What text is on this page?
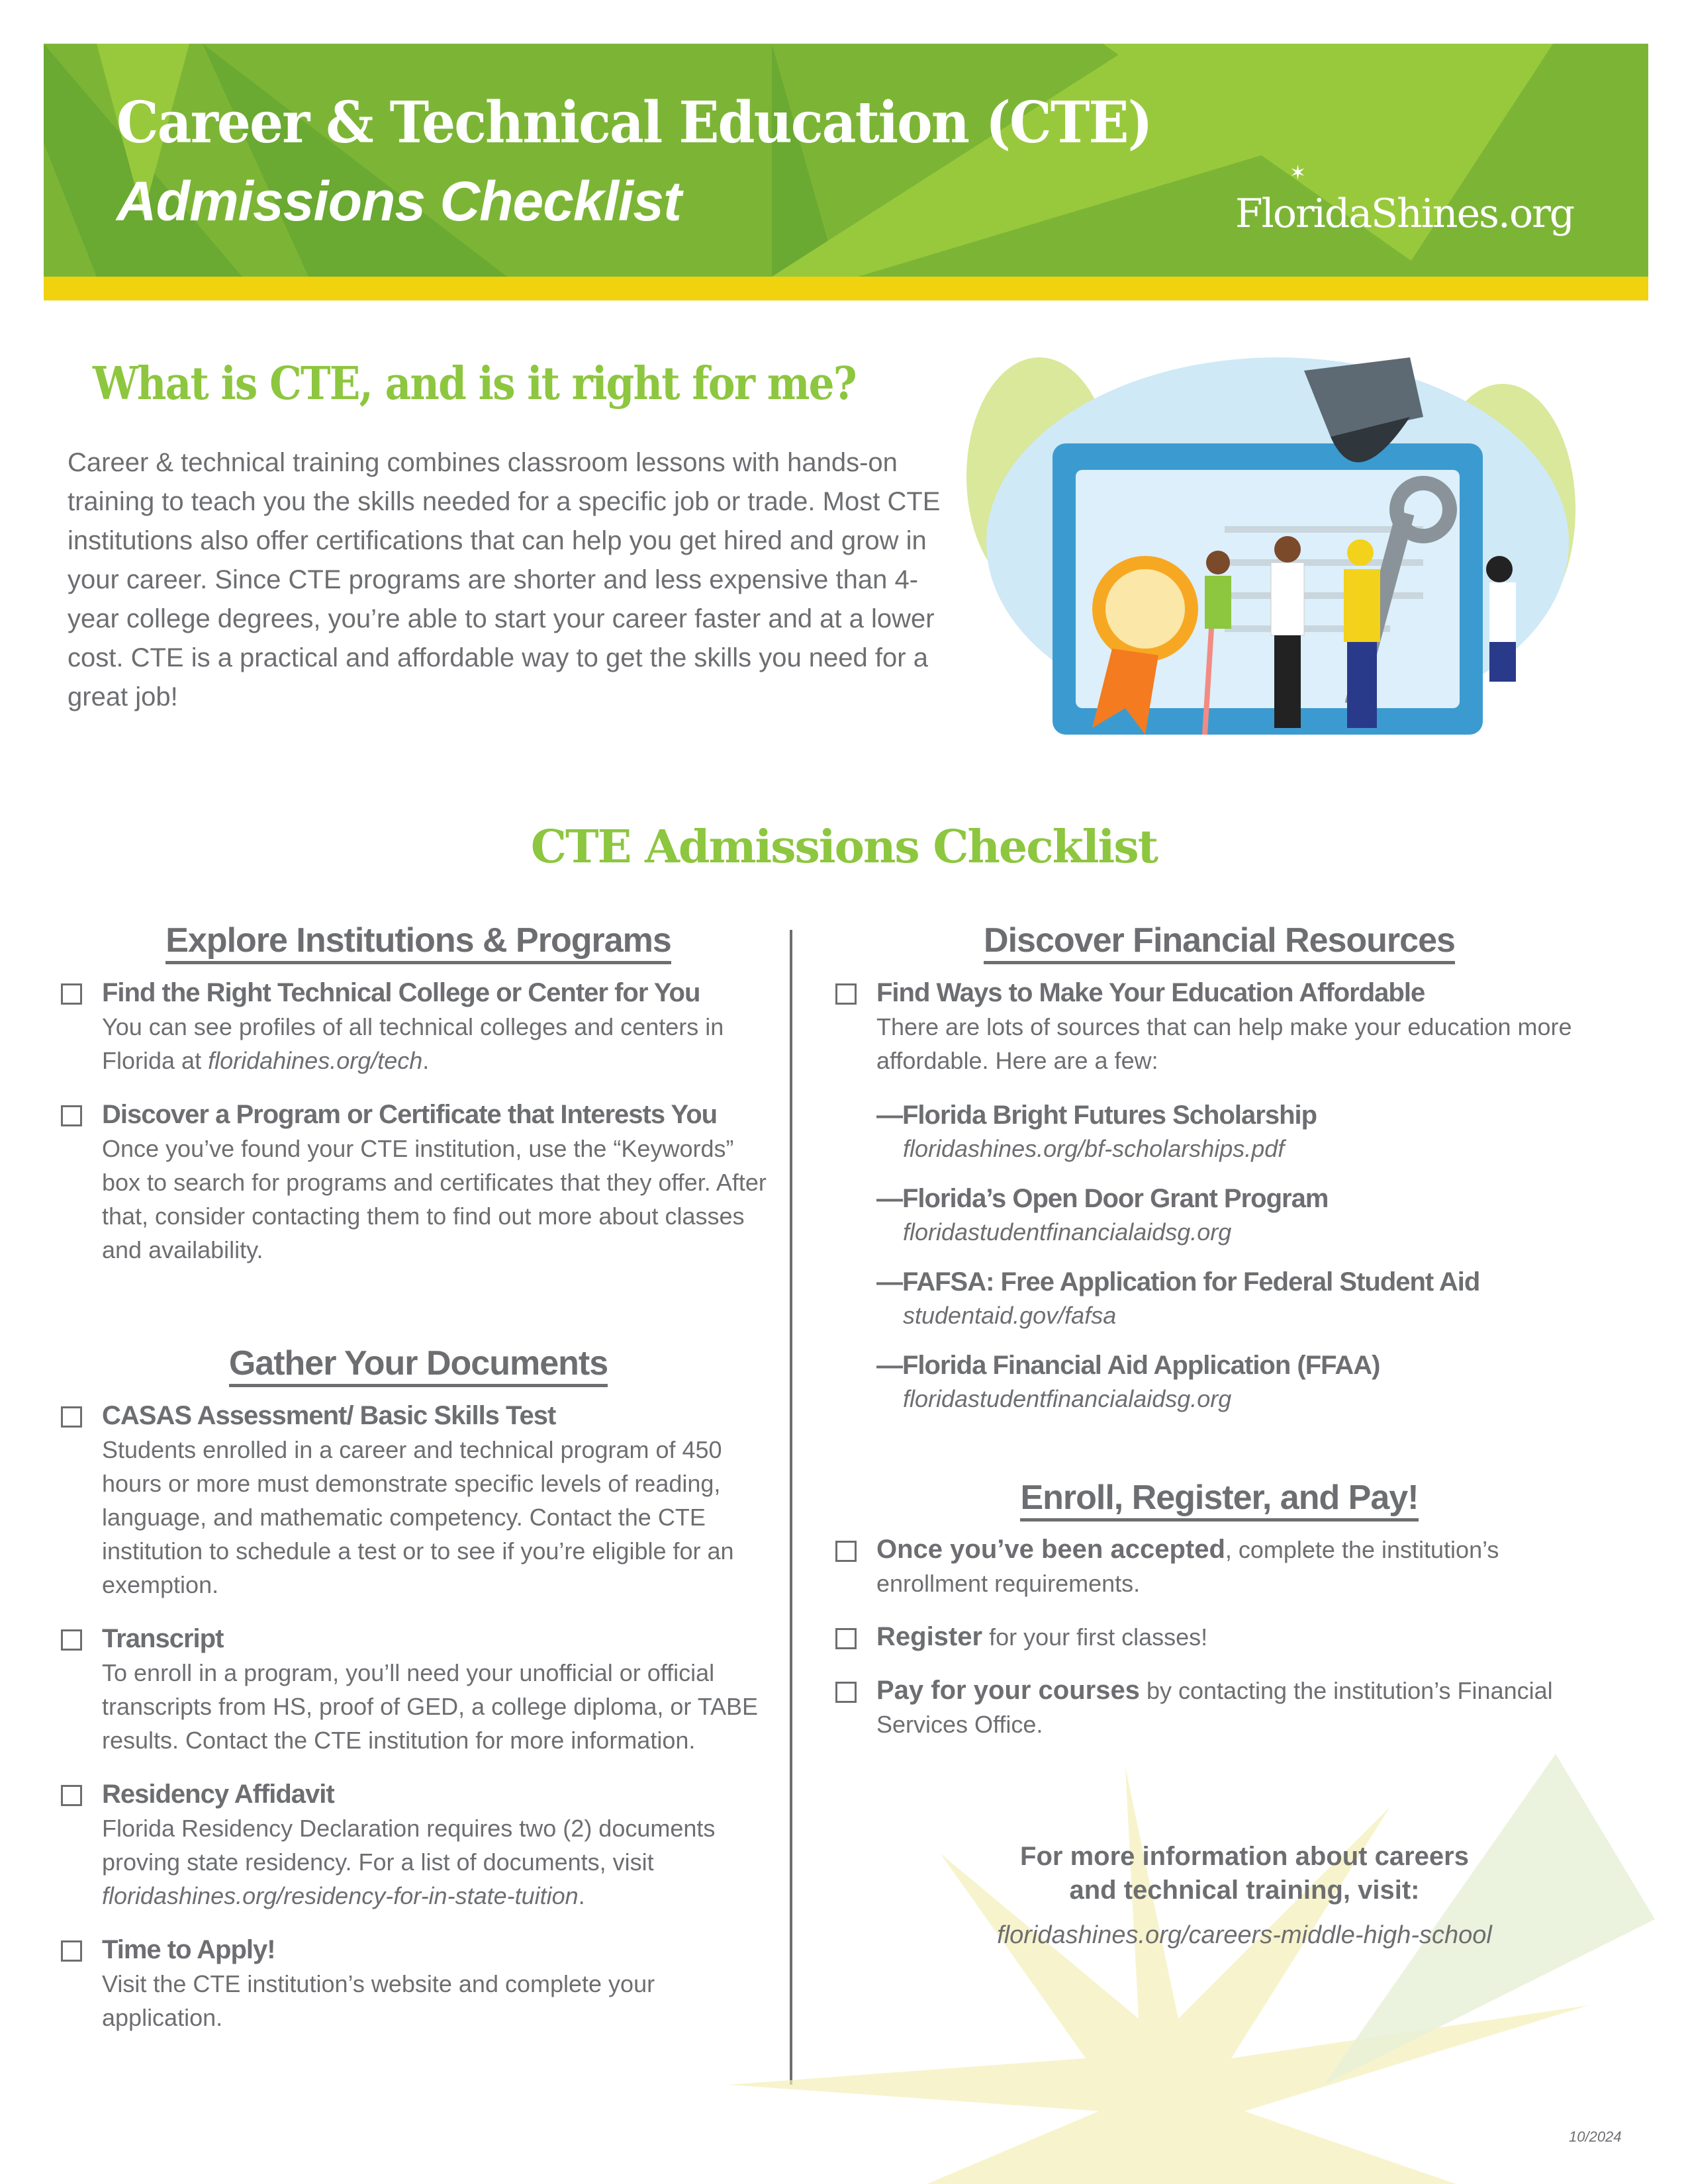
Career & Technical Education (CTE)
Admissions Checklist	✶
FloridaShines.org
What is CTE, and is it right for me?

Career & technical training combines classroom lessons with hands-on training to teach you the skills needed for a specific job or trade. Most CTE institutions also offer certifications that can help you get hired and grow in your career. Since CTE programs are shorter and less expensive than 4-year college degrees, you’re able to start your career faster and at a lower cost. CTE is a practical and affordable way to get the skills you need for a great job!

CTE Admissions Checklist
Explore Institutions & Programs
Find the Right Technical College or Center for You
You can see profiles of all technical colleges and centers in Florida at floridahines.org/tech.
Discover a Program or Certificate that Interests You
Once you’ve found your CTE institution, use the “Keywords” box to search for programs and certificates that they offer. After that, consider contacting them to find out more about classes and availability.
Gather Your Documents
CASAS Assessment/ Basic Skills Test
Students enrolled in a career and technical program of 450 hours or more must demonstrate specific levels of reading, language, and mathematic competency. Contact the CTE institution to schedule a test or to see if you’re eligible for an exemption.
Transcript
To enroll in a program, you’ll need your unofficial or official transcripts from HS, proof of GED, a college diploma, or TABE results. Contact the CTE institution for more information.
Residency Affidavit
Florida Residency Declaration requires two (2) documents proving state residency. For a list of documents, visit floridashines.org/residency-for-in-state-tuition.
Time to Apply!
Visit the CTE institution’s website and complete your application.
Discover Financial Resources
Find Ways to Make Your Education Affordable
There are lots of sources that can help make your education more affordable. Here are a few:
—Florida Bright Futures Scholarship
floridashines.org/bf-scholarships.pdf
—Florida’s Open Door Grant Program
floridastudentfinancialaidsg.org
—FAFSA: Free Application for Federal Student Aid
studentaid.gov/fafsa
—Florida Financial Aid Application (FFAA)
floridastudentfinancialaidsg.org
Enroll, Register, and Pay!
Once you’ve been accepted, complete the institution’s enrollment requirements.
Register for your first classes!
Pay for your courses by contacting the institution’s Financial Services Office.
For more information about careers
and technical training, visit:
floridashines.org/careers-middle-high-school
10/2024
